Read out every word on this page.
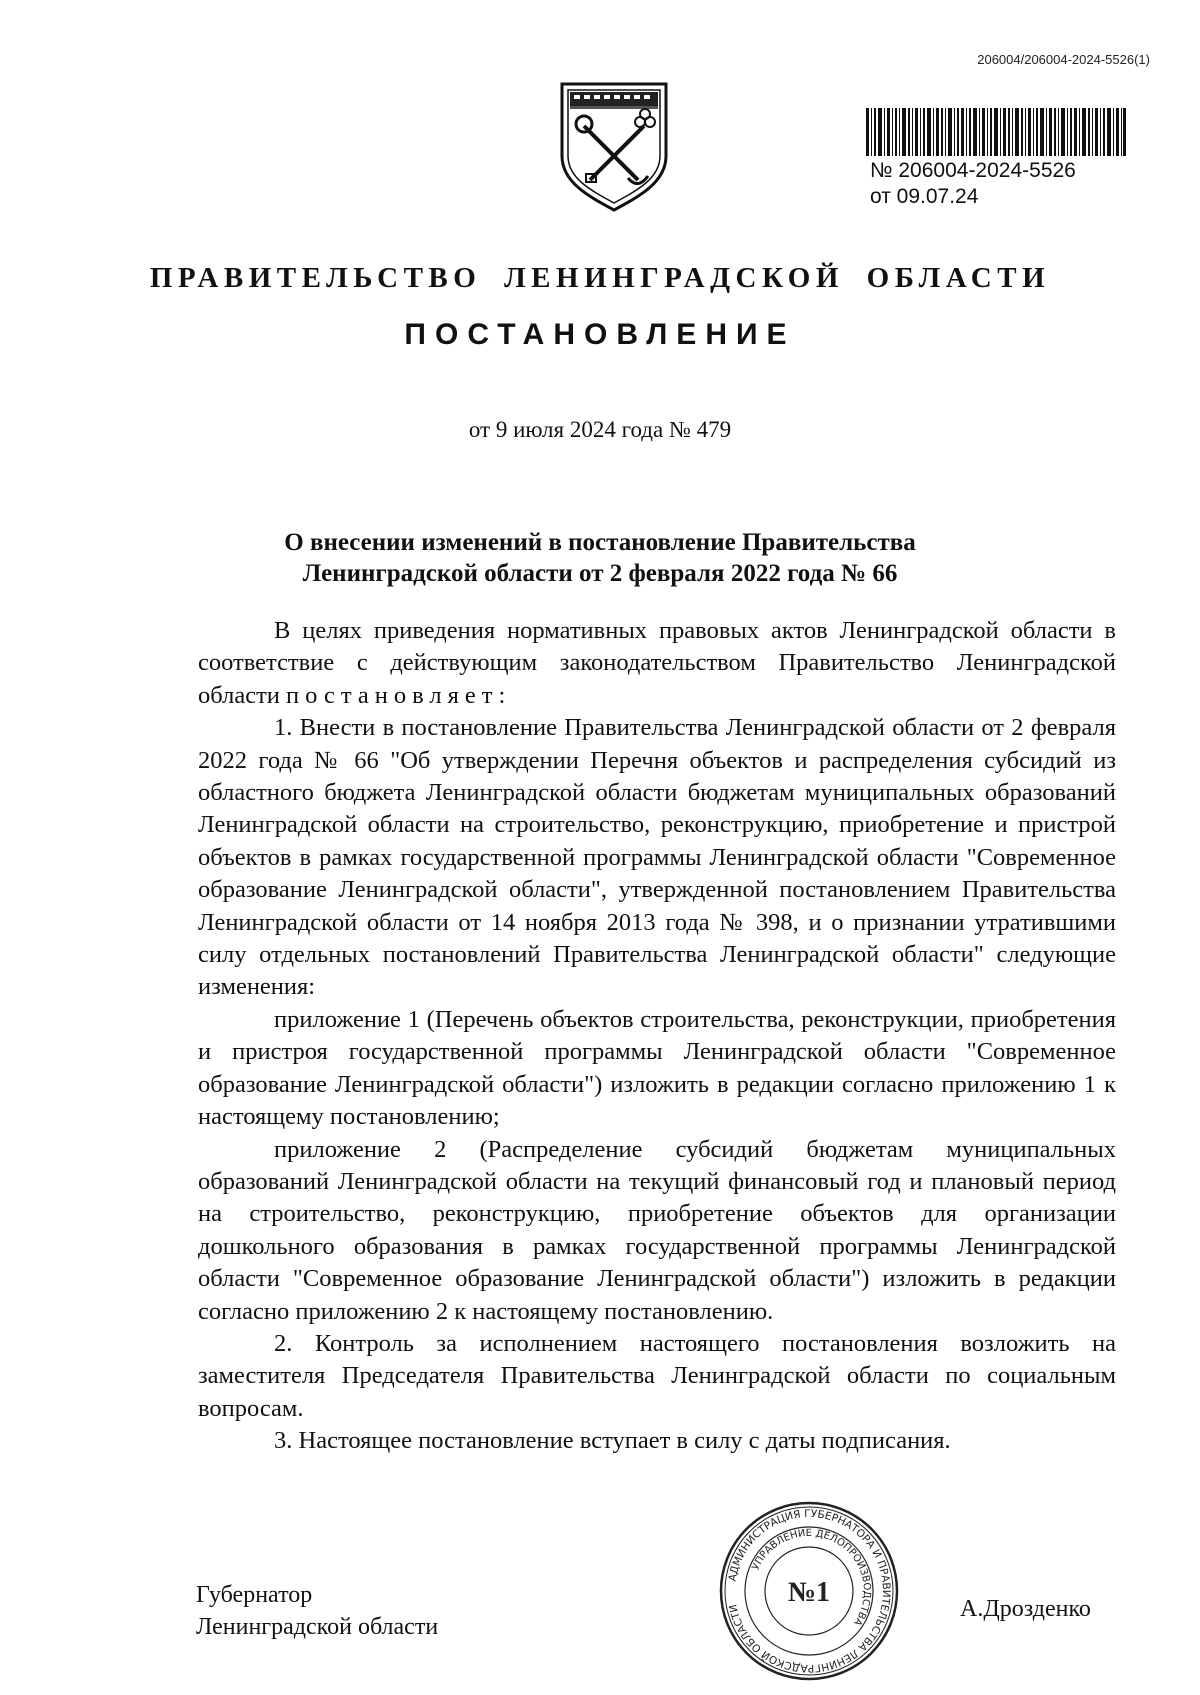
206004/206004-2024-5526(1)
№ 206004-2024-5526
от 09.07.24
ПРАВИТЕЛЬСТВО ЛЕНИНГРАДСКОЙ ОБЛАСТИ
ПОСТАНОВЛЕНИЕ
от 9 июля 2024 года № 479
О внесении изменений в постановление Правительства
Ленинградской области от 2 февраля 2022 года № 66

В целях приведения нормативных правовых актов Ленинградской области в соответствие с действующим законодательством Правительство Ленинградской области постановляет:

1. Внести в постановление Правительства Ленинградской области от 2 февраля 2022 года № 66 "Об утверждении Перечня объектов и распределения субсидий из областного бюджета Ленинградской области бюджетам муниципальных образований Ленинградской области на строительство, реконструкцию, приобретение и пристрой объектов в рамках государственной программы Ленинградской области "Современное образование Ленинградской области", утвержденной постановлением Правительства Ленинградской области от 14 ноября 2013 года № 398, и о признании утратившими силу отдельных постановлений Правительства Ленинградской области" следующие изменения:

приложение 1 (Перечень объектов строительства, реконструкции, приобретения и пристроя государственной программы Ленинградской области "Современное образование Ленинградской области") изложить в редакции согласно приложению 1 к настоящему постановлению;

приложение 2 (Распределение субсидий бюджетам муниципальных образований Ленинградской области на текущий финансовый год и плановый период на строительство, реконструкцию, приобретение объектов для организации дошкольного образования в рамках государственной программы Ленинградской области "Современное образование Ленинградской области") изложить в редакции согласно приложению 2 к настоящему постановлению.

2. Контроль за исполнением настоящего постановления возложить на заместителя Председателя Правительства Ленинградской области по социальным вопросам.

3. Настоящее постановление вступает в силу с даты подписания.

Губернатор
Ленинградской области
АДМИНИСТРАЦИЯ ГУБЕРНАТОРА И ПРАВИТЕЛЬСТВА ЛЕНИНГРАДСКОЙ ОБЛАСТИ
УПРАВЛЕНИЕ ДЕЛОПРОИЗВОДСТВА
№1
А.Дрозденко
